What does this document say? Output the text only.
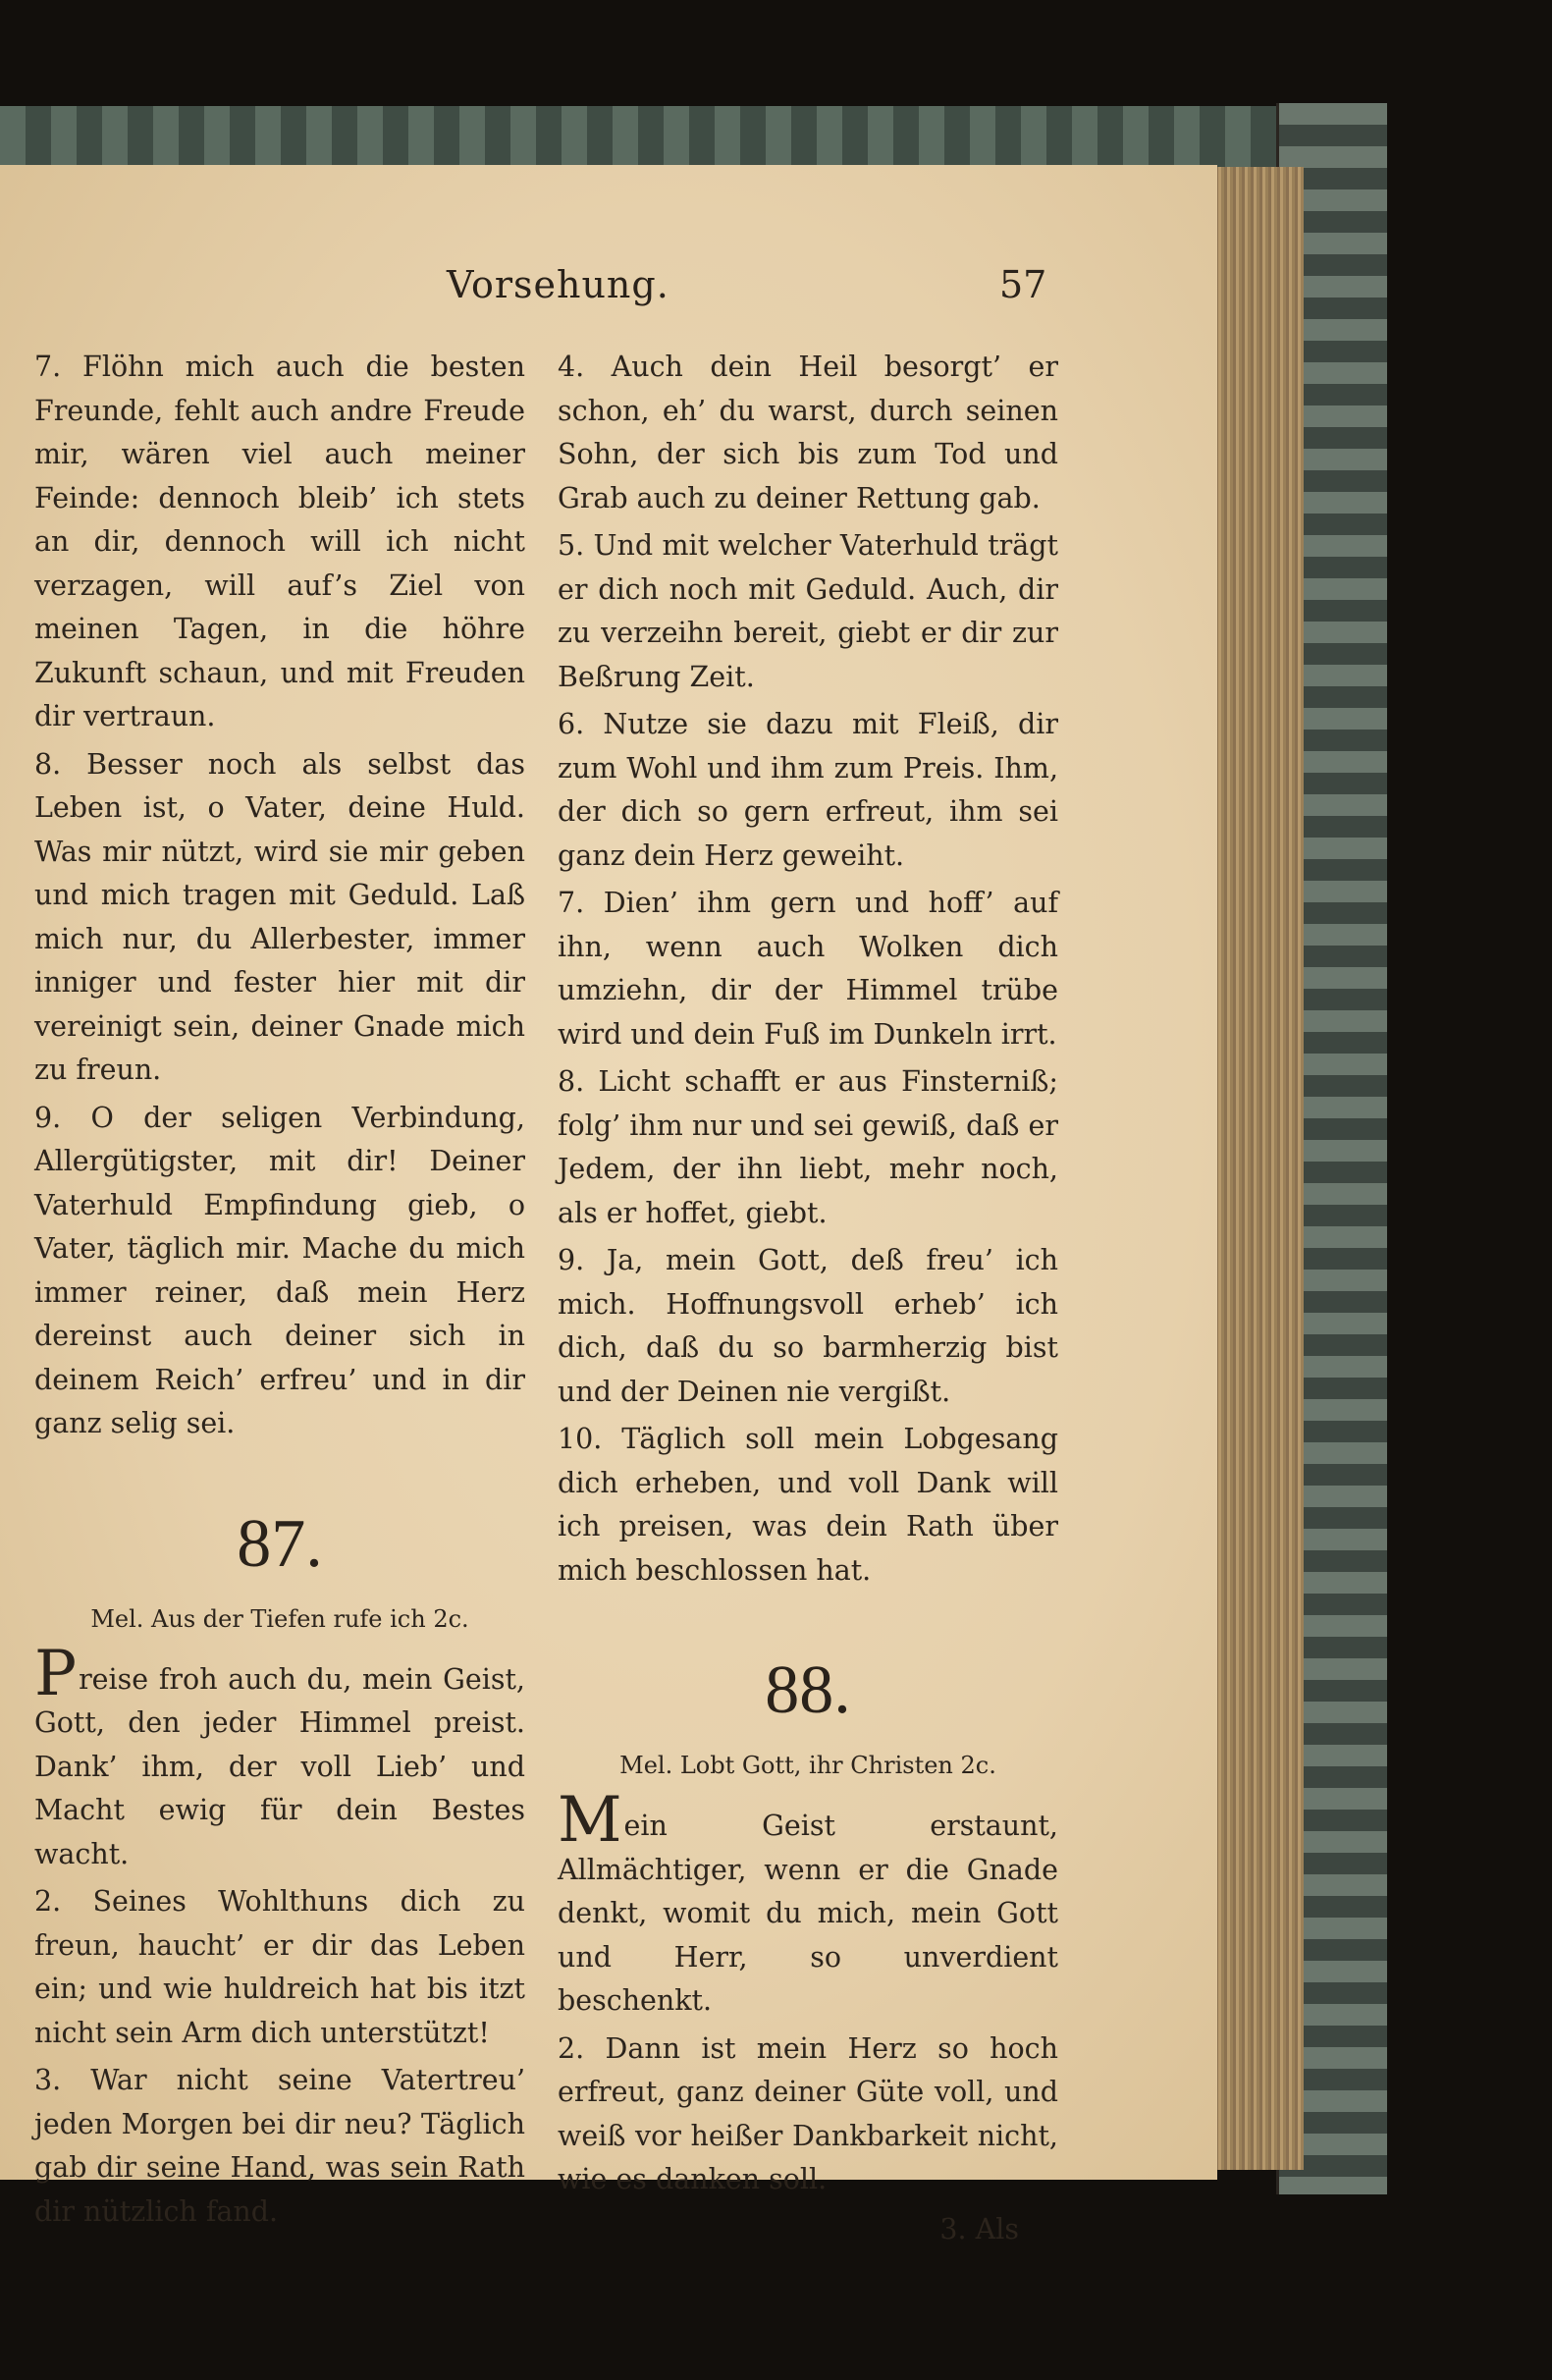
Vorsehung.	57

7. Flöhn mich auch die besten Freunde, fehlt auch andre Freude mir, wären viel auch meiner Feinde: dennoch bleib’ ich stets an dir, dennoch will ich nicht verzagen, will auf’s Ziel von meinen Tagen, in die höhre Zukunft schaun, und mit Freuden dir vertraun.

8. Besser noch als selbst das Leben ist, o Vater, deine Huld. Was mir nützt, wird sie mir geben und mich tragen mit Geduld. Laß mich nur, du Allerbester, immer inniger und fester hier mit dir vereinigt sein, deiner Gnade mich zu freun.

9. O der seligen Verbindung, Allergütigster, mit dir! Deiner Vaterhuld Empfindung gieb, o Vater, täglich mir. Mache du mich immer reiner, daß mein Herz dereinst auch deiner sich in deinem Reich’ erfreu’ und in dir ganz selig sei.

87.
Mel. Aus der Tiefen rufe ich 2c.

Preise froh auch du, mein Geist, Gott, den jeder Himmel preist. Dank’ ihm, der voll Lieb’ und Macht ewig für dein Bestes wacht.

2. Seines Wohlthuns dich zu freun, haucht’ er dir das Leben ein; und wie huldreich hat bis itzt nicht sein Arm dich unterstützt!

3. War nicht seine Vatertreu’ jeden Morgen bei dir neu? Täglich gab dir seine Hand, was sein Rath dir nützlich fand.

4. Auch dein Heil besorgt’ er schon, eh’ du warst, durch seinen Sohn, der sich bis zum Tod und Grab auch zu deiner Rettung gab.

5. Und mit welcher Vaterhuld trägt er dich noch mit Geduld. Auch, dir zu verzeihn bereit, giebt er dir zur Beßrung Zeit.

6. Nutze sie dazu mit Fleiß, dir zum Wohl und ihm zum Preis. Ihm, der dich so gern erfreut, ihm sei ganz dein Herz geweiht.

7. Dien’ ihm gern und hoff’ auf ihn, wenn auch Wolken dich umziehn, dir der Himmel trübe wird und dein Fuß im Dunkeln irrt.

8. Licht schafft er aus Finsterniß; folg’ ihm nur und sei gewiß, daß er Jedem, der ihn liebt, mehr noch, als er hoffet, giebt.

9. Ja, mein Gott, deß freu’ ich mich. Hoffnungsvoll erheb’ ich dich, daß du so barmherzig bist und der Deinen nie vergißt.

10. Täglich soll mein Lobgesang dich erheben, und voll Dank will ich preisen, was dein Rath über mich beschlossen hat.

88.
Mel. Lobt Gott, ihr Christen 2c.

Mein Geist erstaunt, Allmächtiger, wenn er die Gnade denkt, womit du mich, mein Gott und Herr, so unverdient beschenkt.

2. Dann ist mein Herz so hoch erfreut, ganz deiner Güte voll, und weiß vor heißer Dankbarkeit nicht, wie es danken soll.

3. Als
